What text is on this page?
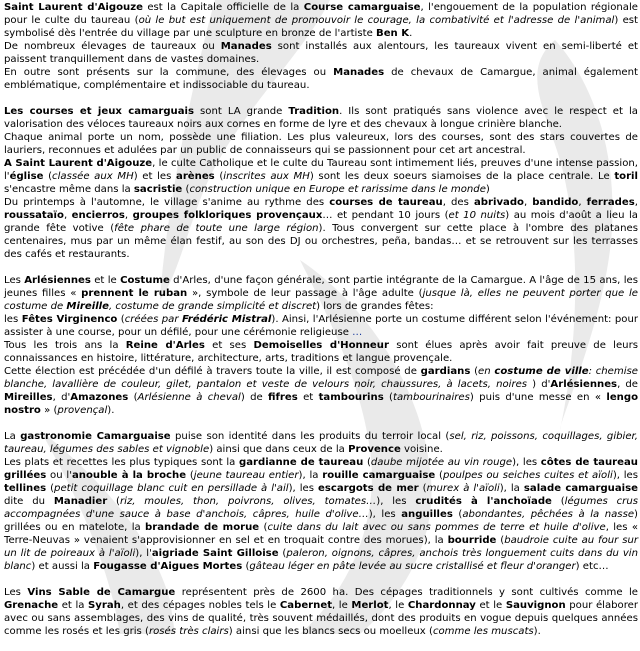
Saint Laurent d'Aigouze est la Capitale officielle de la Course camarguaise, l'engouement de la population régionale pour le culte du taureau (où le but est uniquement de promouvoir le courage, la combativité et l'adresse de l'animal) est symbolisé dès l'entrée du village par une sculpture en bronze de l'artiste Ben K.
De nombreux élevages de taureaux ou Manades sont installés aux alentours, les taureaux vivent en semi-liberté et paissent tranquillement dans de vastes domaines.
En outre sont présents sur la commune, des élevages ou Manades de chevaux de Camargue, animal également emblématique, complémentaire et indissociable du taureau.

Les courses et jeux camarguais sont LA grande Tradition. Ils sont pratiqués sans violence avec le respect et la valorisation des véloces taureaux noirs aux cornes en forme de lyre et des chevaux à longue crinière blanche.
Chaque animal porte un nom, possède une filiation. Les plus valeureux, lors des courses, sont des stars couvertes de lauriers, reconnues et adulées par un public de connaisseurs qui se passionnent pour cet art ancestral.
A Saint Laurent d'Aigouze, le culte Catholique et le culte du Taureau sont intimement liés, preuves d'une intense passion, l'église (classée aux MH) et les arènes (inscrites aux MH) sont les deux soeurs siamoises de la place centrale. Le toril s'encastre même dans la sacristie (construction unique en Europe et rarissime dans le monde)
Du printemps à l'automne, le village s'anime au rythme des courses de taureau, des abrivado, bandido, ferrades, roussataïo, encierros, groupes folkloriques provençaux… et pendant 10 jours (et 10 nuits) au mois d'août a lieu la grande fête votive (fête phare de toute une large région). Tous convergent sur cette place à l'ombre des platanes centenaires, mus par un même élan festif, au son des DJ ou orchestres, peña, bandas… et se retrouvent sur les terrasses des cafés et restaurants.

Les Arlésiennes et le Costume d'Arles, d'une façon générale, sont partie intégrante de la Camargue. A l'âge de 15 ans, les jeunes filles « prennent le ruban », symbole de leur passage à l'âge adulte (jusque là, elles ne peuvent porter que le costume de Mireille, costume de grande simplicité et discret) lors de grandes fêtes:
les Fêtes Virginenco (créées par Frédéric Mistral). Ainsi, l'Arlésienne porte un costume différent selon l'événement: pour assister à une course, pour un défilé, pour une cérémonie religieuse …
Tous les trois ans la Reine d'Arles et ses Demoiselles d'Honneur sont élues après avoir fait preuve de leurs connaissances en histoire, littérature, architecture, arts, traditions et langue provençale.
Cette élection est précédée d'un défilé à travers toute la ville, il est composé de gardians (en costume de ville: chemise blanche, lavallière de couleur, gilet, pantalon et veste de velours noir, chaussures, à lacets, noires ) d'Arlésiennes, de Mireilles, d'Amazones (Arlésienne à cheval) de fifres et tambourins (tambourinaires) puis d'une messe en « lengo nostro » (provençal).

La gastronomie Camarguaise puise son identité dans les produits du terroir local (sel, riz, poissons, coquillages, gibier, taureau, légumes des sables et vignoble) ainsi que dans ceux de la Provence voisine.
Les plats et recettes les plus typiques sont la gardianne de taureau (daube mijotée au vin rouge), les côtes de taureau grillées ou l'anouble à la broche (jeune taureau entier), la rouille camarguaise (poulpes ou seiches cuites et aïoli), les tellines (petit coquillage blanc cuit en persillade à l'ail), les escargots de mer (murex à l'aïoli), la salade camarguaise dite du Manadier (riz, moules, thon, poivrons, olives, tomates…), les crudités à l'anchoïade (légumes crus accompagnées d'une sauce à base d'anchois, câpres, huile d'olive…), les anguilles (abondantes, pêchées à la nasse) grillées ou en matelote, la brandade de morue (cuite dans du lait avec ou sans pommes de terre et huile d'olive, les « Terre-Neuvas » venaient s'approvisionner en sel et en troquait contre des morues), la bourride (baudroie cuite au four sur un lit de poireaux à l'aïoli), l'aigriade Saint Gilloise (paleron, oignons, câpres, anchois très longuement cuits dans du vin blanc) et aussi la Fougasse d'Aigues Mortes (gâteau léger en pâte levée au sucre cristallisé et fleur d'oranger) etc…

Les Vins Sable de Camargue représentent près de 2600 ha. Des cépages traditionnels y sont cultivés comme le Grenache et la Syrah, et des cépages nobles tels le Cabernet, le Merlot, le Chardonnay et le Sauvignon pour élaborer avec ou sans assemblages, des vins de qualité, très souvent médaillés, dont des produits en vogue depuis quelques années comme les rosés et les gris (rosés très clairs) ainsi que les blancs secs ou moelleux (comme les muscats).
